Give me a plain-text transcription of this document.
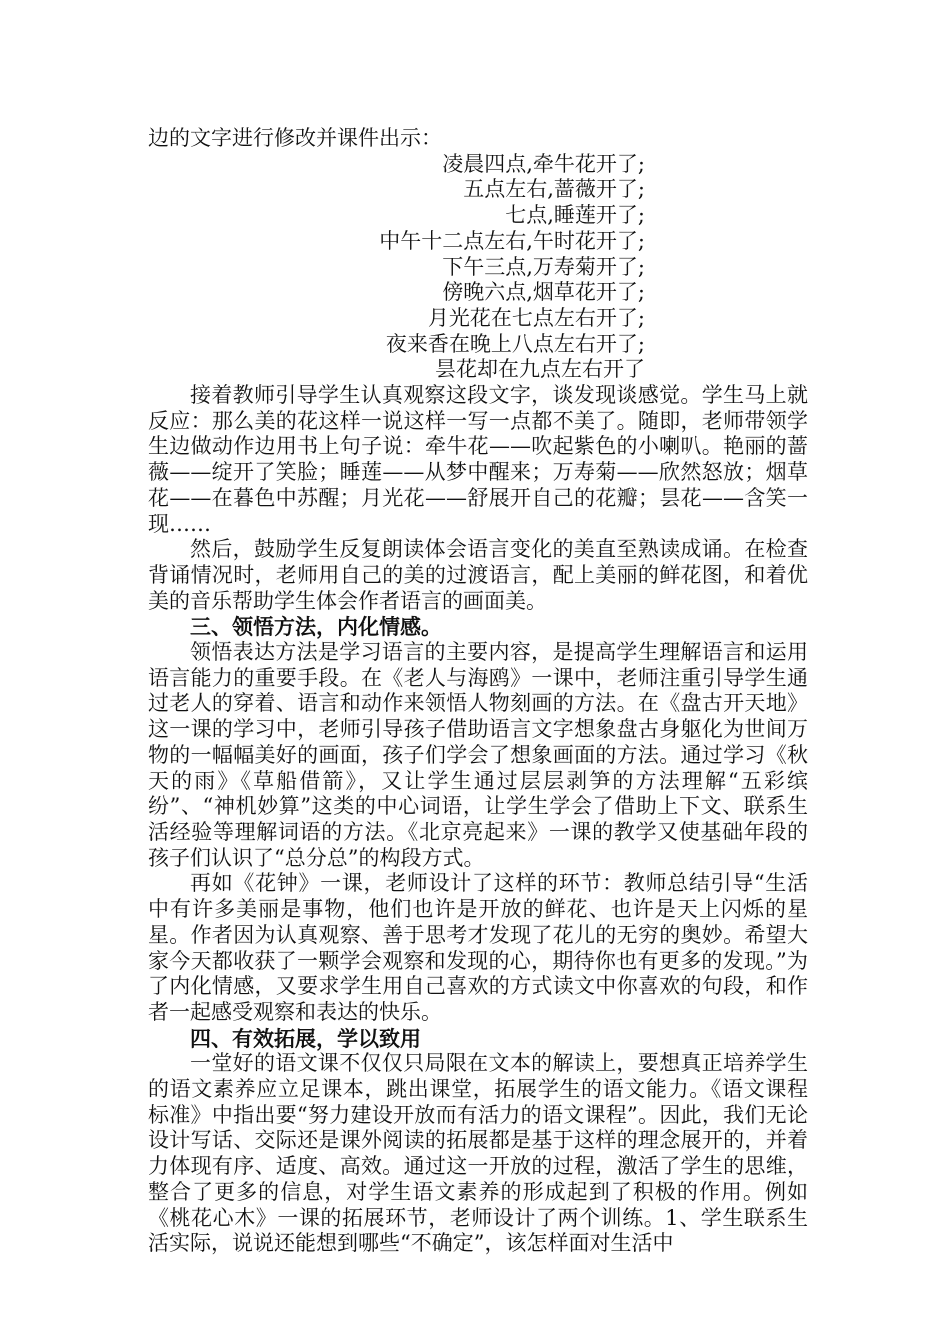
边的文字进行修改并课件出示：
凌晨四点,牵牛花开了;
五点左右,蔷薇开了;
七点,睡莲开了;
中午十二点左右,午时花开了;
下午三点,万寿菊开了;
傍晚六点,烟草花开了;
月光花在七点左右开了;
夜来香在晚上八点左右开了;
昙花却在九点左右开了

接着教师引导学生认真观察这段文字，谈发现谈感觉。学生马上就反应：那么美的花这样一说这样一写一点都不美了。随即，老师带领学生边做动作边用书上句子说：牵牛花——吹起紫色的小喇叭。艳丽的蔷薇——绽开了笑脸；睡莲——从梦中醒来；万寿菊——欣然怒放；烟草花——在暮色中苏醒；月光花——舒展开自己的花瓣；昙花——含笑一现……

然后，鼓励学生反复朗读体会语言变化的美直至熟读成诵。在检查背诵情况时，老师用自己的美的过渡语言，配上美丽的鲜花图，和着优美的音乐帮助学生体会作者语言的画面美。

三、领悟方法，内化情感。

领悟表达方法是学习语言的主要内容，是提高学生理解语言和运用语言能力的重要手段。在《老人与海鸥》一课中，老师注重引导学生通过老人的穿着、语言和动作来领悟人物刻画的方法。在《盘古开天地》这一课的学习中，老师引导孩子借助语言文字想象盘古身躯化为世间万物的一幅幅美好的画面，孩子们学会了想象画面的方法。通过学习《秋天的雨》《草船借箭》，又让学生通过层层剥笋的方法理解“五彩缤纷”、“神机妙算”这类的中心词语，让学生学会了借助上下文、联系生活经验等理解词语的方法。《北京亮起来》一课的教学又使基础年段的孩子们认识了“总分总”的构段方式。

再如《花钟》一课，老师设计了这样的环节：教师总结引导“生活中有许多美丽是事物，他们也许是开放的鲜花、也许是天上闪烁的星星。作者因为认真观察、善于思考才发现了花儿的无穷的奥妙。希望大家今天都收获了一颗学会观察和发现的心，期待你也有更多的发现。”为了内化情感，又要求学生用自己喜欢的方式读文中你喜欢的句段，和作者一起感受观察和表达的快乐。

四、有效拓展，学以致用

一堂好的语文课不仅仅只局限在文本的解读上，要想真正培养学生的语文素养应立足课本，跳出课堂，拓展学生的语文能力。《语文课程标准》中指出要“努力建设开放而有活力的语文课程”。因此，我们无论设计写话、交际还是课外阅读的拓展都是基于这样的理念展开的，并着力体现有序、适度、高效。通过这一开放的过程，激活了学生的思维，整合了更多的信息，对学生语文素养的形成起到了积极的作用。例如《桃花心木》一课的拓展环节，老师设计了两个训练。1、学生联系生活实际，说说还能想到哪些“不确定”，该怎样面对生活中
